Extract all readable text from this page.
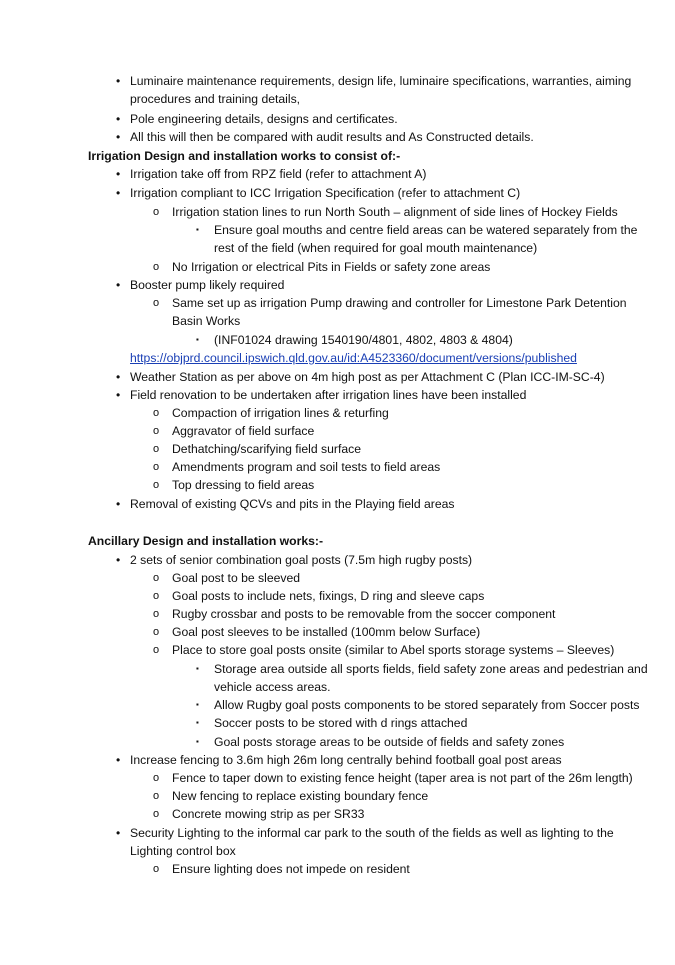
• Luminaire maintenance requirements, design life, luminaire specifications, warranties, aiming
procedures and training details,
• Pole engineering details, designs and certificates.
• All this will then be compared with audit results and As Constructed details.
Irrigation Design and installation works to consist of:-
• Irrigation take off from RPZ field (refer to attachment A)
• Irrigation compliant to ICC Irrigation Specification (refer to attachment C)
o Irrigation station lines to run North South – alignment of side lines of Hockey Fields
▪ Ensure goal mouths and centre field areas can be watered separately from the
rest of the field (when required for goal mouth maintenance)
o No Irrigation or electrical Pits in Fields or safety zone areas
• Booster pump likely required
o Same set up as irrigation Pump drawing and controller for Limestone Park Detention
Basin Works
▪ (INF01024 drawing 1540190/4801, 4802, 4803 & 4804)
https://objprd.council.ipswich.qld.gov.au/id:A4523360/document/versions/published
• Weather Station as per above on 4m high post as per Attachment C (Plan ICC-IM-SC-4)
• Field renovation to be undertaken after irrigation lines have been installed
o Compaction of irrigation lines & returfing
o Aggravator of field surface
o Dethatching/scarifying field surface
o Amendments program and soil tests to field areas
o Top dressing to field areas
• Removal of existing QCVs and pits in the Playing field areas
Ancillary Design and installation works:-
• 2 sets of senior combination goal posts (7.5m high rugby posts)
o Goal post to be sleeved
o Goal posts to include nets, fixings, D ring and sleeve caps
o Rugby crossbar and posts to be removable from the soccer component
o Goal post sleeves to be installed (100mm below Surface)
o Place to store goal posts onsite (similar to Abel sports storage systems – Sleeves)
▪ Storage area outside all sports fields, field safety zone areas and pedestrian and
vehicle access areas.
▪ Allow Rugby goal posts components to be stored separately from Soccer posts
▪ Soccer posts to be stored with d rings attached
▪ Goal posts storage areas to be outside of fields and safety zones
• Increase fencing to 3.6m high 26m long centrally behind football goal post areas
o Fence to taper down to existing fence height (taper area is not part of the 26m length)
o New fencing to replace existing boundary fence
o Concrete mowing strip as per SR33
• Security Lighting to the informal car park to the south of the fields as well as lighting to the
Lighting control box
o Ensure lighting does not impede on resident
